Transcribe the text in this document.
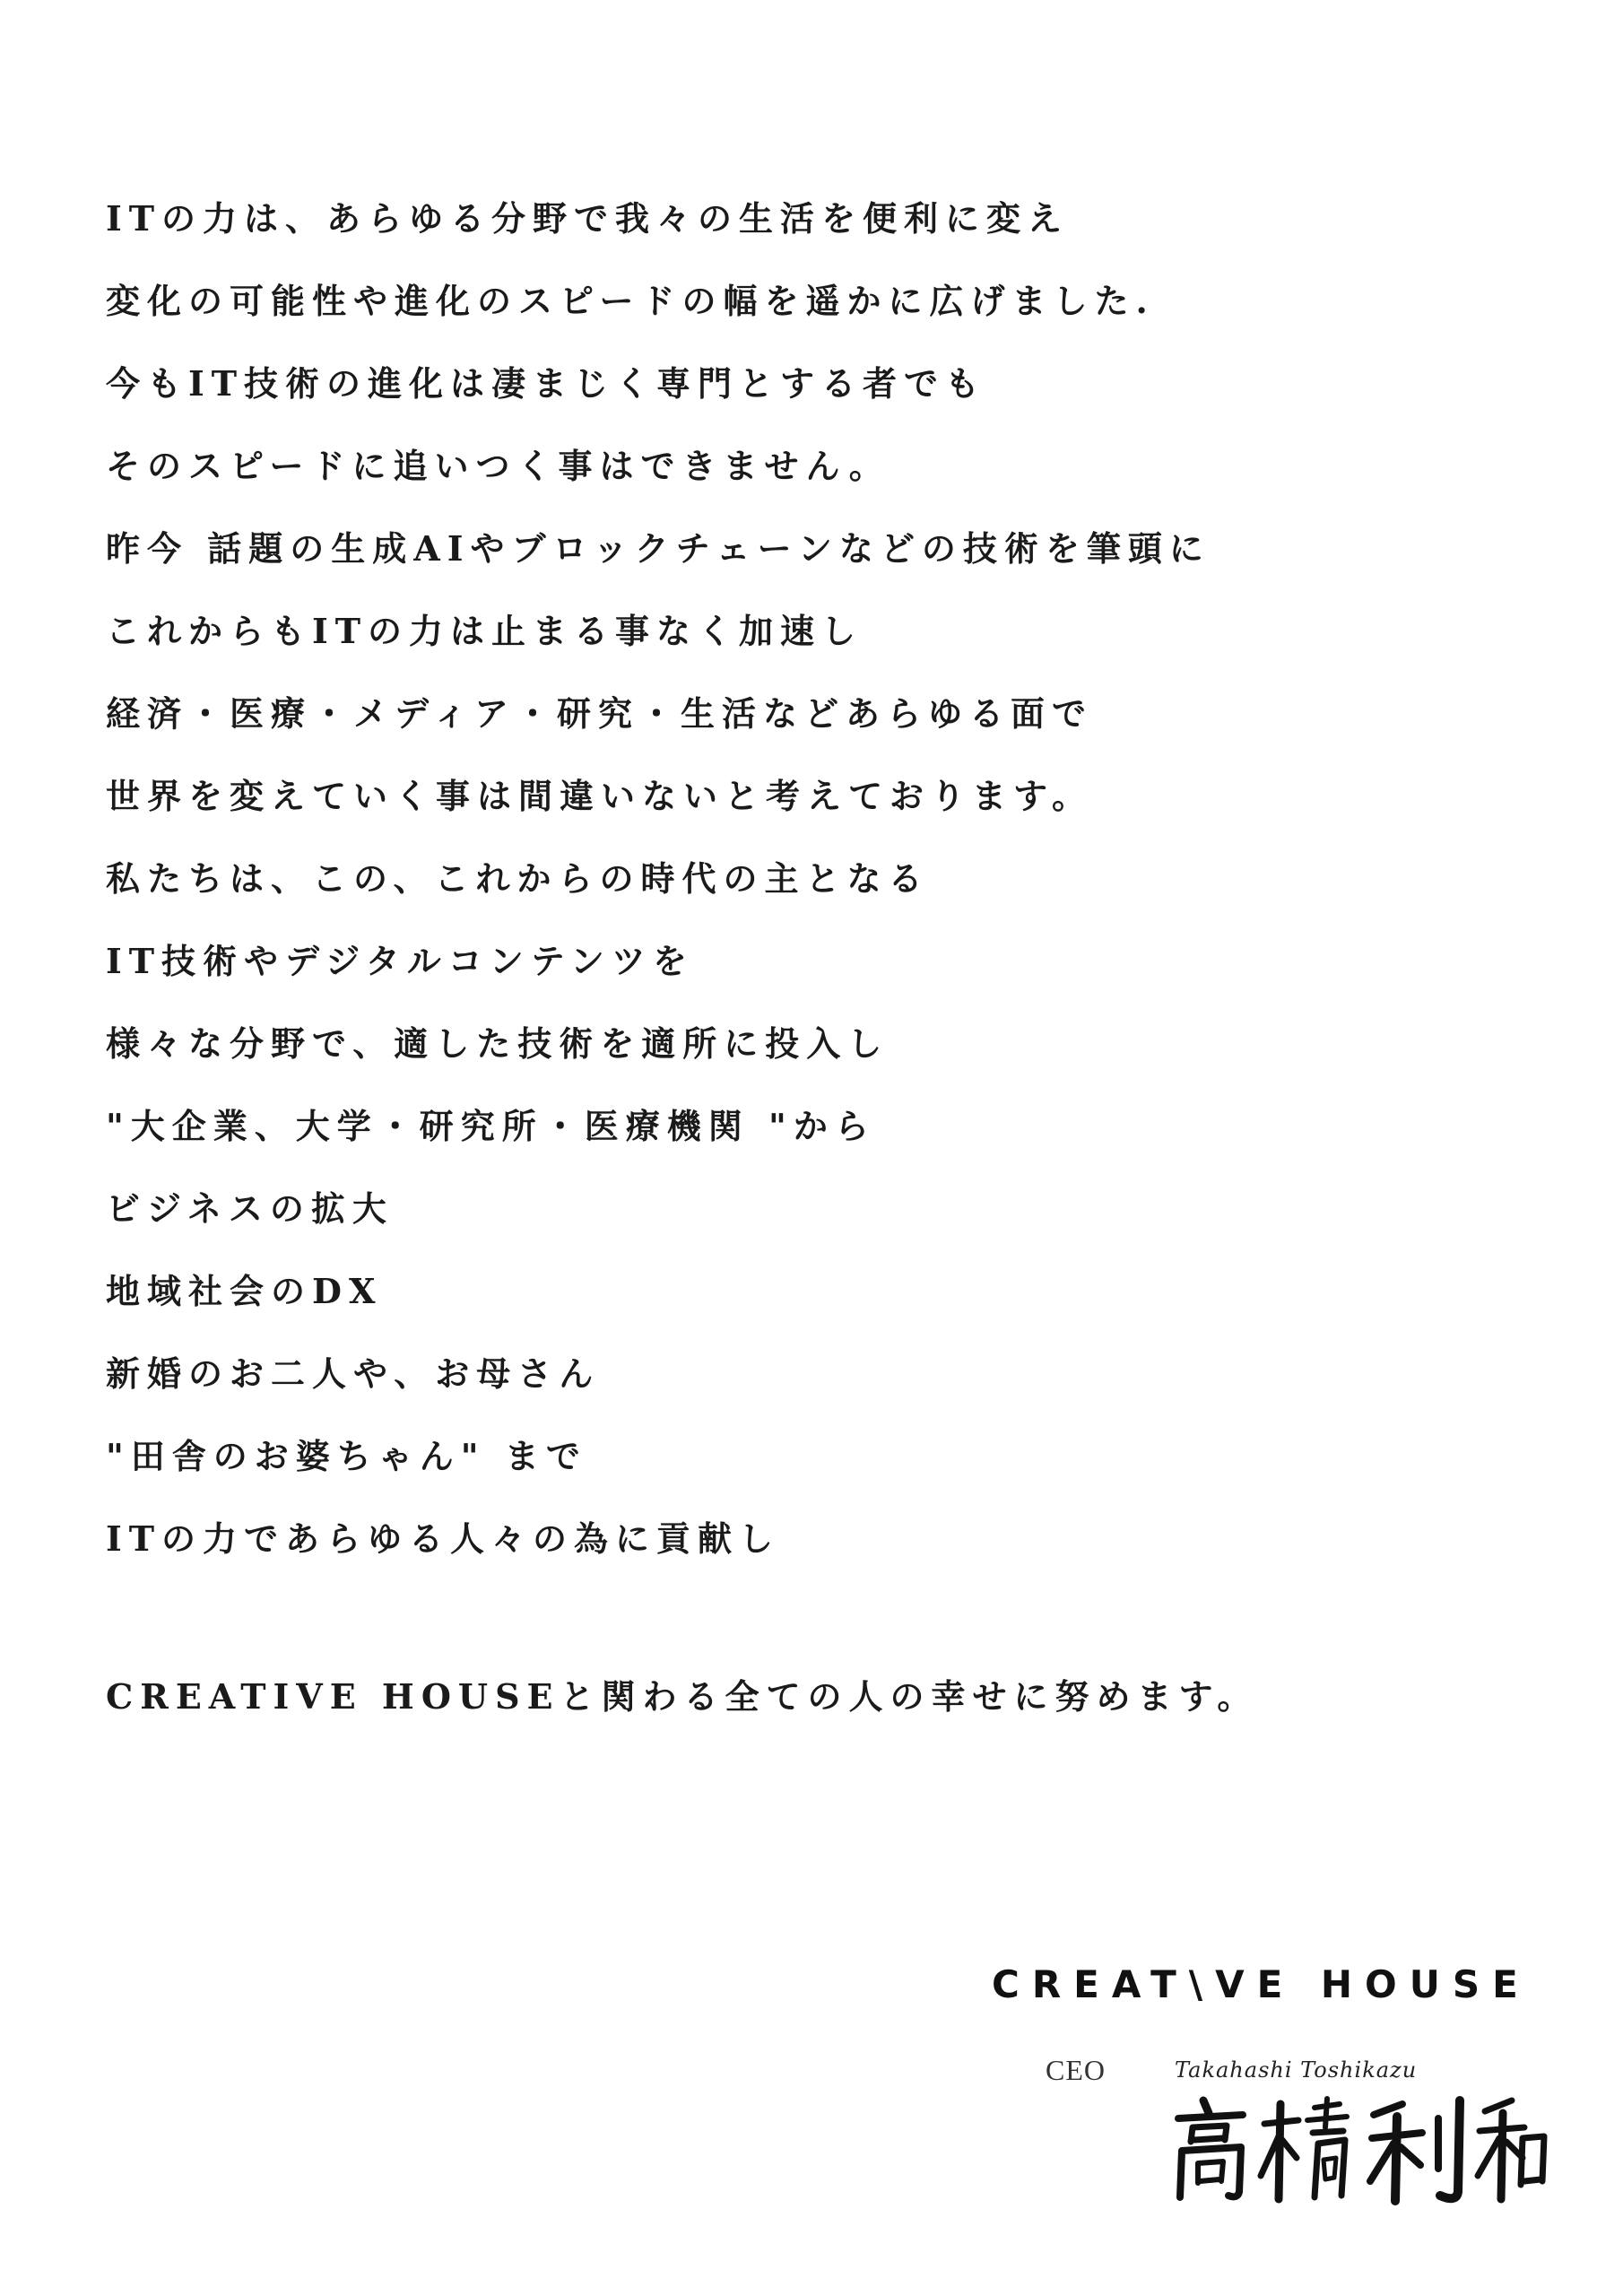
ITの力は、あらゆる分野で我々の生活を便利に変え
変化の可能性や進化のスピードの幅を遥かに広げました.
今もIT技術の進化は凄まじく専門とする者でも
そのスピードに追いつく事はできません。
昨今 話題の生成AIやブロックチェーンなどの技術を筆頭に
これからもITの力は止まる事なく加速し
経済・医療・メディア・研究・生活などあらゆる面で
世界を変えていく事は間違いないと考えております。
私たちは、この、これからの時代の主となる
IT技術やデジタルコンテンツを
様々な分野で、適した技術を適所に投入し
"大企業、大学・研究所・医療機関 "から
ビジネスの拡大
地域社会のDX
新婚のお二人や、お母さん
"田舎のお婆ちゃん" まで
ITの力であらゆる人々の為に貢献し
CREATIVE HOUSEと関わる全ての人の幸せに努めます。
CREAT\VE HOUSE
CEO	Takahashi Toshikazu
